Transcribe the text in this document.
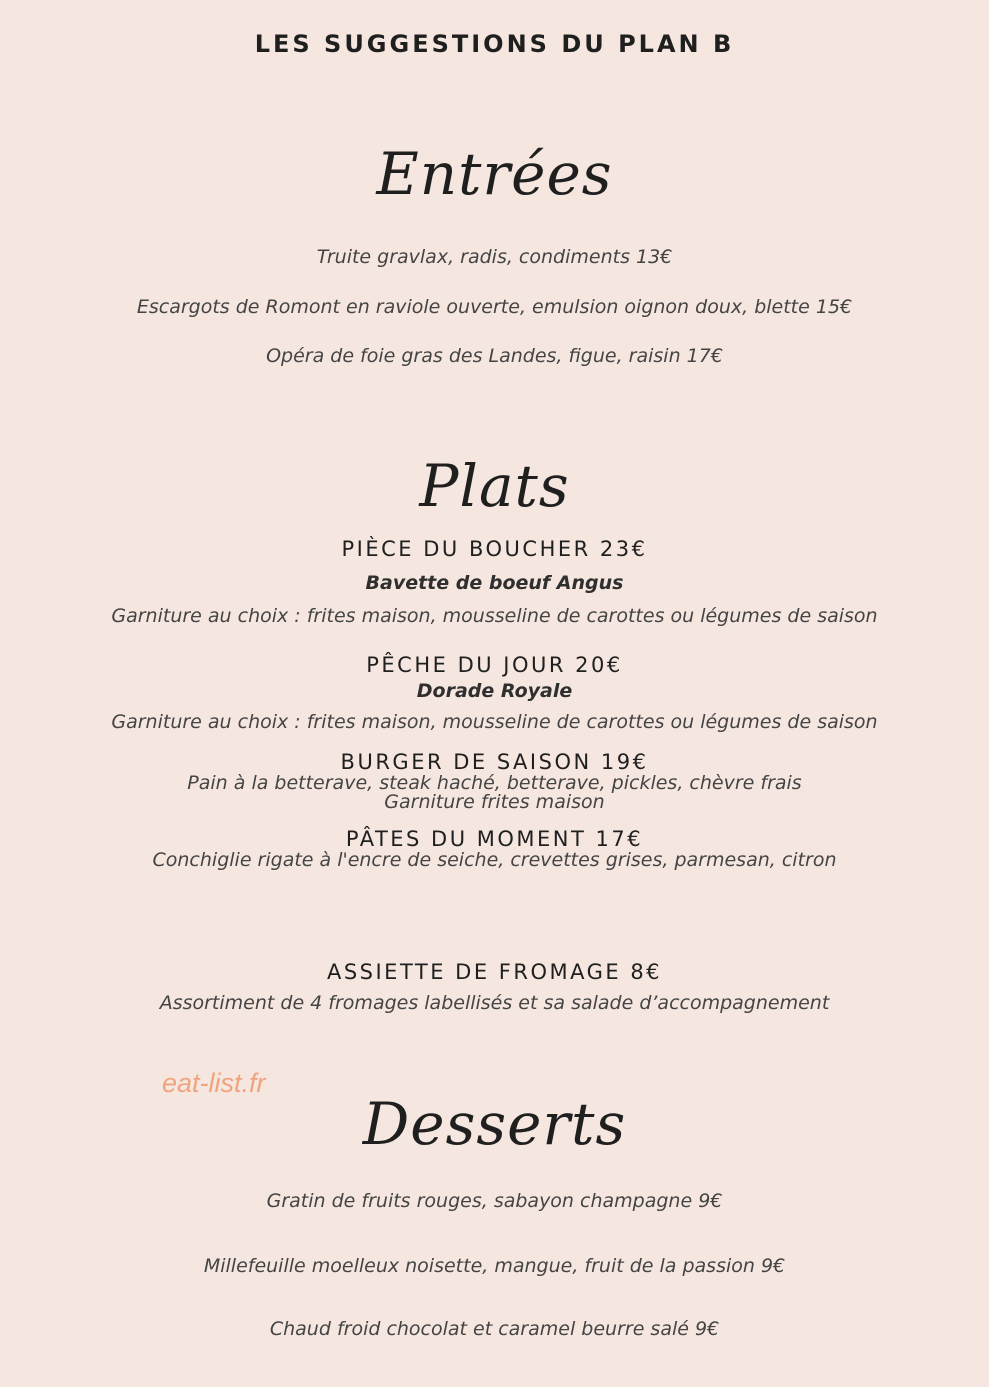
LES SUGGESTIONS DU PLAN B
Entrées

Truite gravlax, radis, condiments 13€

Escargots de Romont en raviole ouverte, emulsion oignon doux, blette 15€

Opéra de foie gras des Landes, figue, raisin 17€

Plats

PIÈCE DU BOUCHER 23€

Bavette de boeuf Angus

Garniture au choix : frites maison, mousseline de carottes ou légumes de saison

PÊCHE DU JOUR 20€

Dorade Royale

Garniture au choix : frites maison, mousseline de carottes ou légumes de saison

BURGER DE SAISON 19€

Pain à la betterave, steak haché, betterave, pickles, chèvre frais

Garniture frites maison

PÂTES DU MOMENT 17€

Conchiglie rigate à l'encre de seiche, crevettes grises, parmesan, citron

ASSIETTE DE FROMAGE 8€

Assortiment de 4 fromages labellisés et sa salade d’accompagnement

eat-list.fr
Desserts

Gratin de fruits rouges, sabayon champagne 9€

Millefeuille moelleux noisette, mangue, fruit de la passion 9€

Chaud froid chocolat et caramel beurre salé 9€
